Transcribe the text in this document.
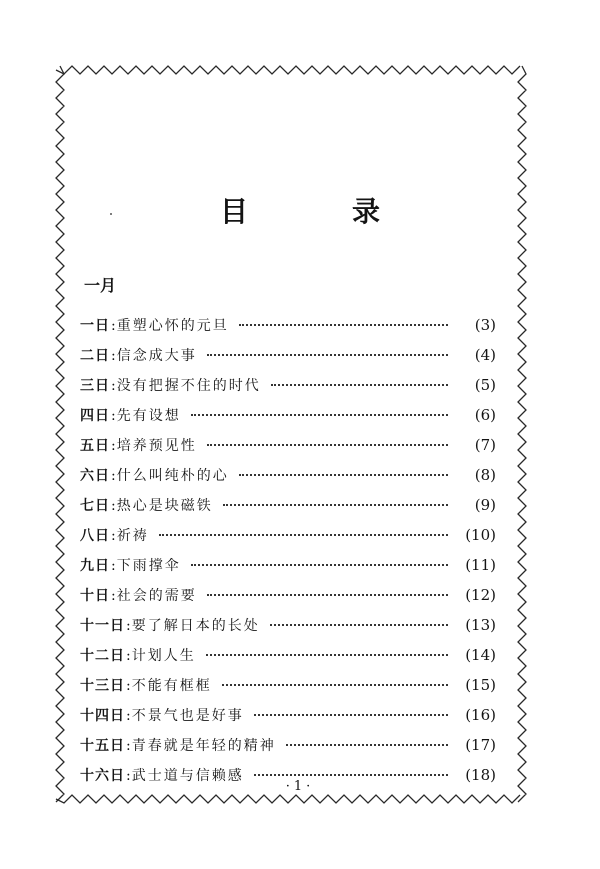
目　录
一月
一日 : 重塑心怀的元旦	(3)
二日 : 信念成大事	(4)
三日 : 没有把握不住的时代	(5)
四日 : 先有设想	(6)
五日 : 培养预见性	(7)
六日 : 什么叫纯朴的心	(8)
七日 : 热心是块磁铁	(9)
八日 : 祈祷	(10)
九日 : 下雨撑伞	(11)
十日 : 社会的需要	(12)
十一日 : 要了解日本的长处	(13)
十二日 : 计划人生	(14)
十三日 : 不能有框框	(15)
十四日 : 不景气也是好事	(16)
十五日 : 青春就是年轻的精神	(17)
十六日 : 武士道与信赖感	(18)
·1·
